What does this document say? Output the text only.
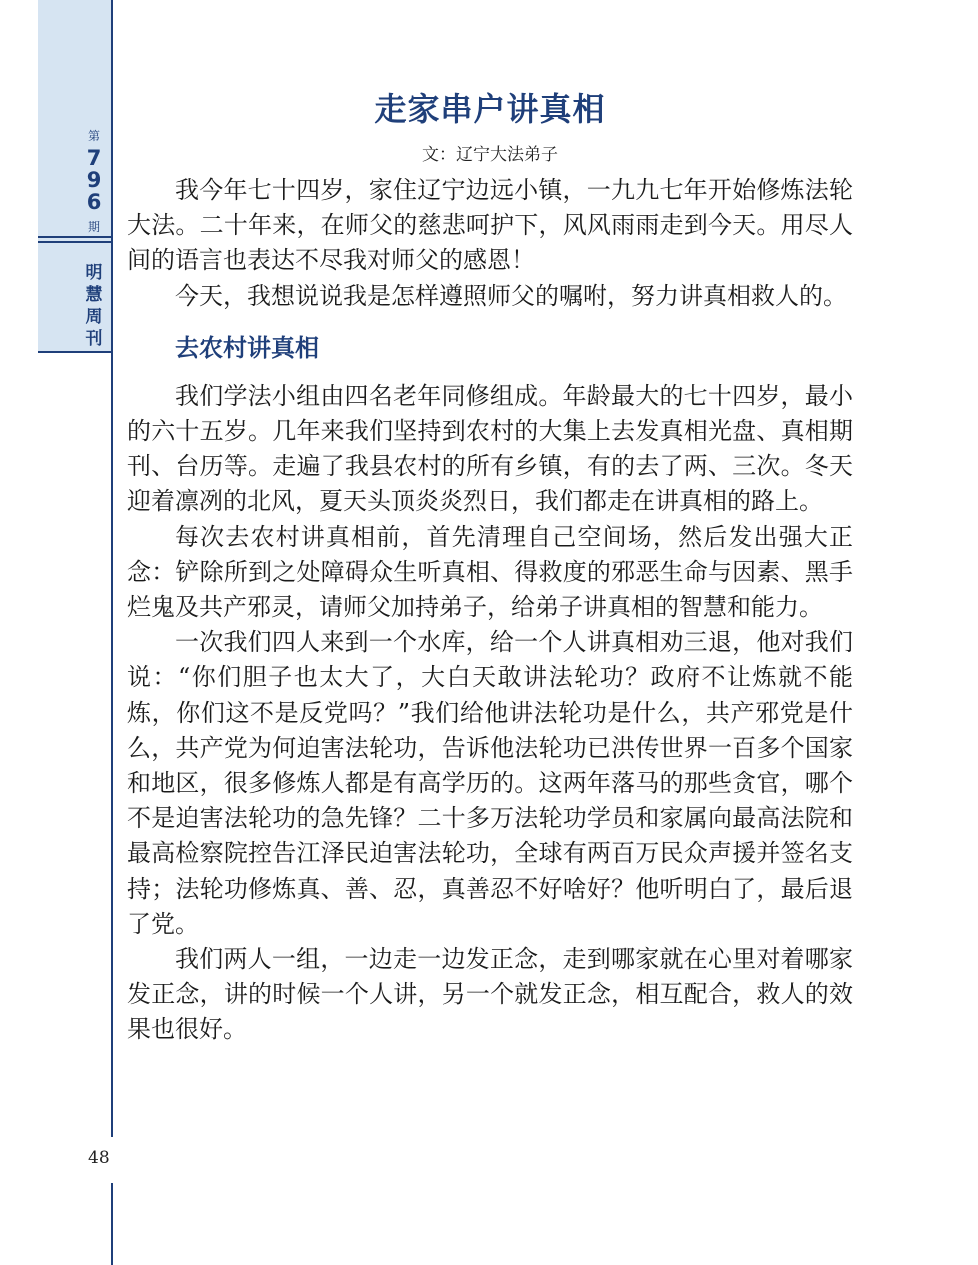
第
7
9
6
期
明
慧
周
刊
48
走家串户讲真相
文：辽宁大法弟子

我今年七十四岁，家住辽宁边远小镇，一九九七年开始修炼法轮大法。二十年来，在师父的慈悲呵护下，风风雨雨走到今天。用尽人间的语言也表达不尽我对师父的感恩！

今天，我想说说我是怎样遵照师父的嘱咐，努力讲真相救人的。

去农村讲真相

我们学法小组由四名老年同修组成。年龄最大的七十四岁，最小的六十五岁。几年来我们坚持到农村的大集上去发真相光盘、真相期刊、台历等。走遍了我县农村的所有乡镇，有的去了两、三次。冬天迎着凛冽的北风，夏天头顶炎炎烈日，我们都走在讲真相的路上。

每次去农村讲真相前，首先清理自己空间场，然后发出强大正念：铲除所到之处障碍众生听真相、得救度的邪恶生命与因素、黑手烂鬼及共产邪灵，请师父加持弟子，给弟子讲真相的智慧和能力。

一次我们四人来到一个水库，给一个人讲真相劝三退，他对我们说：“你们胆子也太大了，大白天敢讲法轮功？政府不让炼就不能炼，你们这不是反党吗？”我们给他讲法轮功是什么，共产邪党是什么，共产党为何迫害法轮功，告诉他法轮功已洪传世界一百多个国家和地区，很多修炼人都是有高学历的。这两年落马的那些贪官，哪个不是迫害法轮功的急先锋？二十多万法轮功学员和家属向最高法院和最高检察院控告江泽民迫害法轮功，全球有两百万民众声援并签名支持；法轮功修炼真、善、忍，真善忍不好啥好？他听明白了，最后退了党。

我们两人一组，一边走一边发正念，走到哪家就在心里对着哪家发正念，讲的时候一个人讲，另一个就发正念，相互配合，救人的效果也很好。
